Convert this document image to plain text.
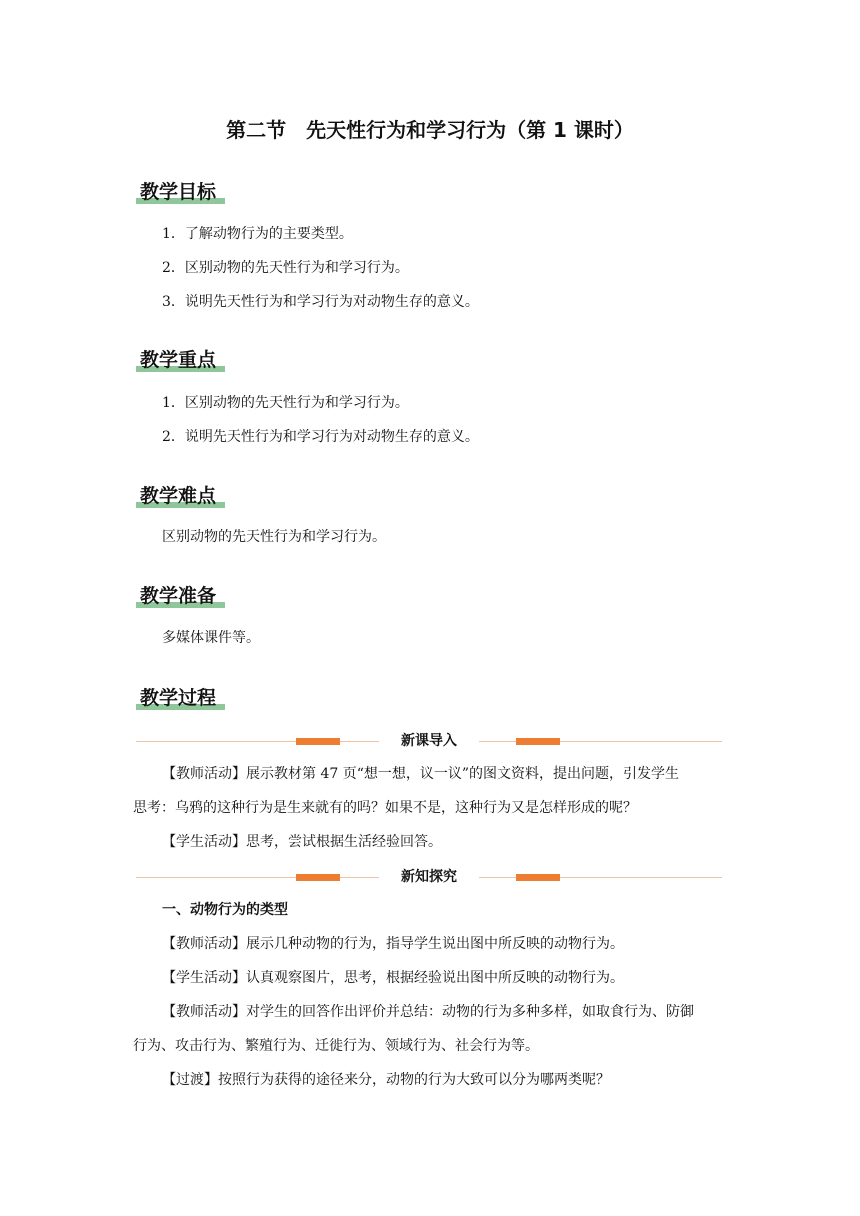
第二节　先天性行为和学习行为（第 1 课时）
教学目标
1．了解动物行为的主要类型。
2．区别动物的先天性行为和学习行为。
3．说明先天性行为和学习行为对动物生存的意义。
教学重点
1．区别动物的先天性行为和学习行为。
2．说明先天性行为和学习行为对动物生存的意义。
教学难点
区别动物的先天性行为和学习行为。
教学准备
多媒体课件等。
教学过程
新课导入
【教师活动】展示教材第 47 页“想一想，议一议”的图文资料，提出问题，引发学生
思考：乌鸦的这种行为是生来就有的吗？如果不是，这种行为又是怎样形成的呢？
【学生活动】思考，尝试根据生活经验回答。
新知探究
一、动物行为的类型
【教师活动】展示几种动物的行为，指导学生说出图中所反映的动物行为。
【学生活动】认真观察图片，思考，根据经验说出图中所反映的动物行为。
【教师活动】对学生的回答作出评价并总结：动物的行为多种多样，如取食行为、防御
行为、攻击行为、繁殖行为、迁徙行为、领域行为、社会行为等。
【过渡】按照行为获得的途径来分，动物的行为大致可以分为哪两类呢？
